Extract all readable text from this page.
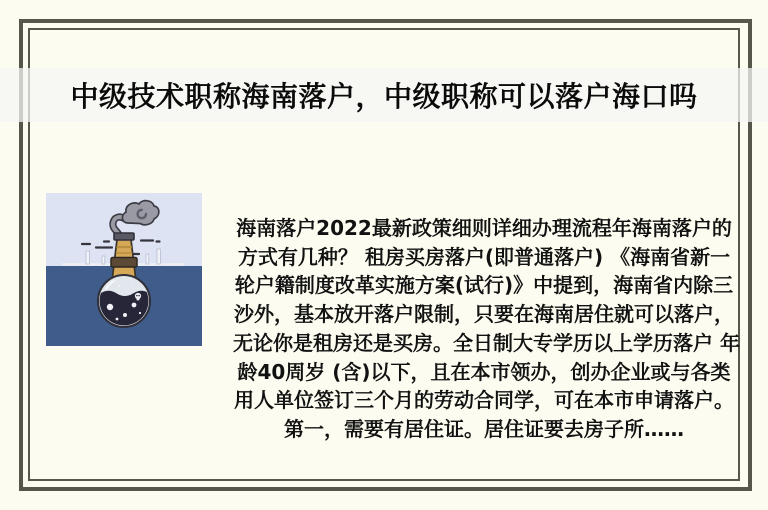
海南落户2022最新政策细则详细办理流程年海南落户的

方式有几种？ 租房买房落户(即普通落户) 《海南省新一

轮户籍制度改革实施方案(试行)》中提到，海南省内除三

沙外，基本放开落户限制，只要在海南居住就可以落户，

无论你是租房还是买房。全日制大专学历以上学历落户 年

龄40周岁 (含)以下，且在本市领办，创办企业或与各类

用人单位签订三个月的劳动合同学，可在本市申请落户。

第一，需要有居住证。居住证要去房子所……

中级技术职称海南落户，中级职称可以落户海口吗
